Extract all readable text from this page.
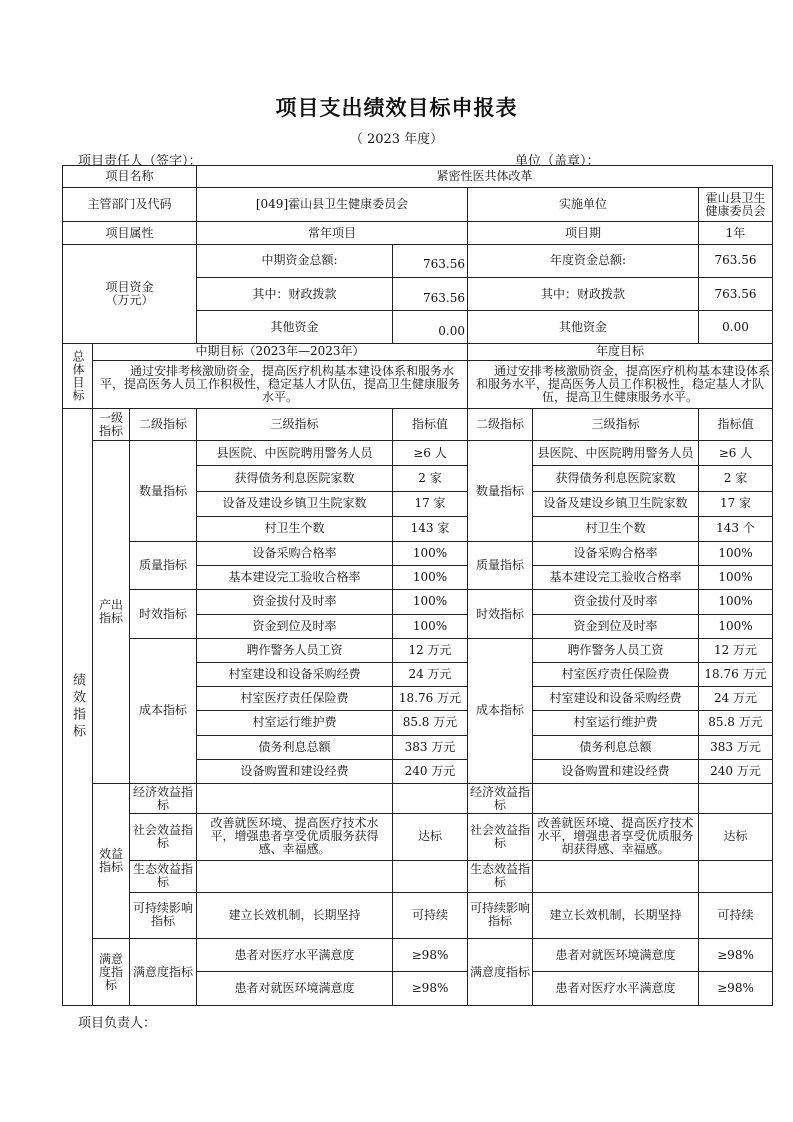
项目支出绩效目标申报表
（ 2023 年度）
项目责任人（签字）：	单位（盖章）：
项目名称			紧密性医共体改革				
主管部门及代码			[049]霍山县卫生健康委员会		实施单位		霍山县卫生健康委员会
项目属性			常年项目		项目期		1年
项目资金
（万元）			中期资金总额:	763.56	年度资金总额:		763.56
			其中：财政拨款	763.56	其中：财政拨款		763.56
			其他资金	0.00	其他资金		0.00
总体目标	中期目标（2023年—2023年）				年度目标		
	通过安排考核激励资金，提高医疗机构基本建设体系和服务水平，提高医务人员工作积极性，稳定基人才队伍，提高卫生健康服务水平。				通过安排考核激励资金，提高医疗机构基本建设体系和服务水平，提高医务人员工作积极性，稳定基人才队伍，提高卫生健康服务水平。		
绩效指标	一级指标	二级指标	三级指标	指标值	二级指标	三级指标	指标值
	产出指标	数量指标	县医院、中医院聘用警务人员	≥6 人	数量指标	县医院、中医院聘用警务人员	≥6 人
			获得债务利息医院家数	2 家		获得债务利息医院家数	2 家
			设备及建设乡镇卫生院家数	17 家		设备及建设乡镇卫生院家数	17 家
			村卫生个数	143 家		村卫生个数	143 个
		质量指标	设备采购合格率	100%	质量指标	设备采购合格率	100%
			基本建设完工验收合格率	100%		基本建设完工验收合格率	100%
		时效指标	资金拔付及时率	100%	时效指标	资金拔付及时率	100%
			资金到位及时率	100%		资金到位及时率	100%
		成本指标	聘作警务人员工资	12 万元	成本指标	聘作警务人员工资	12 万元
			村室建设和设备采购经费	24 万元		村室医疗责任保险费	18.76 万元
			村室医疗责任保险费	18.76 万元		村室建设和设备采购经费	24 万元
			村室运行维护费	85.8 万元		村室运行维护费	85.8 万元
			债务利息总额	383 万元		债务利息总额	383 万元
			设备购置和建设经费	240 万元		设备购置和建设经费	240 万元
	效益指标	经济效益指标			经济效益指标		
		社会效益指标	改善就医环境、提高医疗技术水平，增强患者享受优质服务获得感、幸福感。	达标	社会效益指标	改善就医环境、提高医疗技术水平，增强患者享受优质服务胡获得感、幸福感。	达标
		生态效益指标			生态效益指标		
		可持续影响指标	建立长效机制，长期坚持	可持续	可持续影响指标	建立长效机制，长期坚持	可持续
	满意度指标	满意度指标	患者对医疗水平满意度	≥98%	满意度指标	患者对就医环境满意度	≥98%
			患者对就医环境满意度	≥98%		患者对医疗水平满意度	≥98%
项目负责人：
